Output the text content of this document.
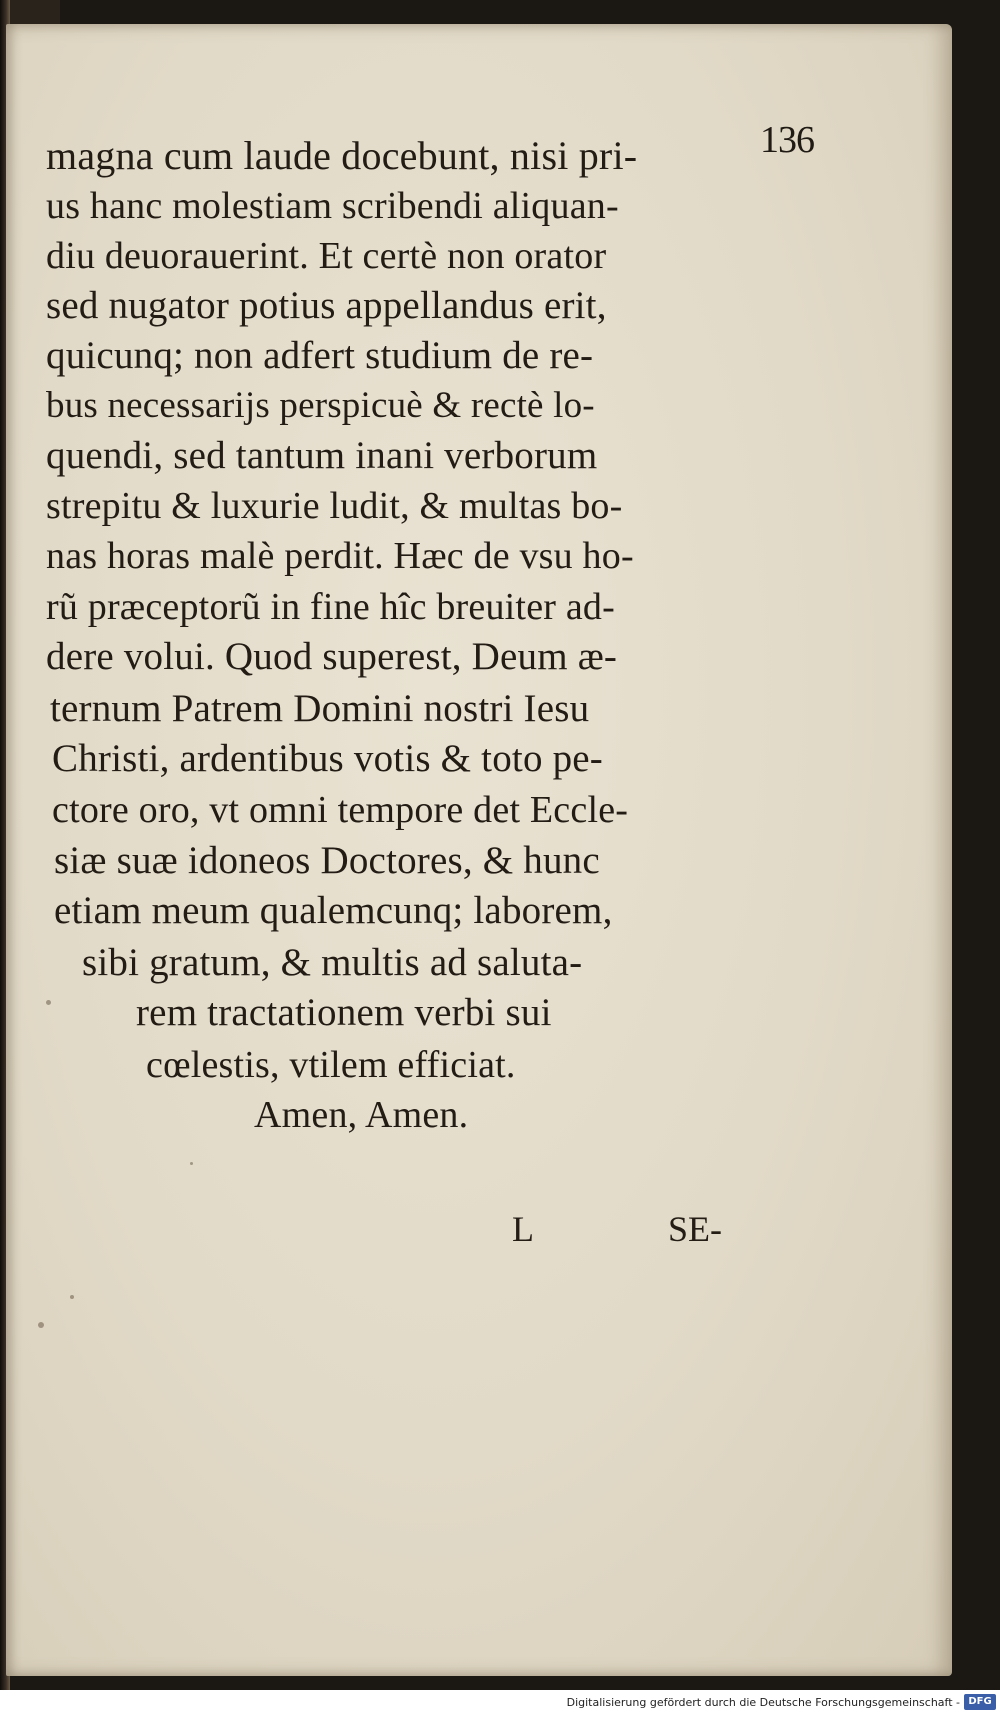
136
magna cum laude docebunt, nisi pri-
us hanc molestiam scribendi aliquan-
diu deuorauerint. Et certè non orator
sed nugator potius appellandus erit,
quicunq; non adfert studium de re-
bus necessarijs perspicuè & rectè lo-
quendi, sed tantum inani verborum
strepitu & luxurie ludit, & multas bo-
nas horas malè perdit. Hæc de vsu ho-
rũ præceptorũ in fine hîc breuiter ad-
dere volui. Quod superest, Deum æ-
ternum Patrem Domini nostri Iesu
Christi, ardentibus votis & toto pe-
ctore oro, vt omni tempore det Eccle-
siæ suæ idoneos Doctores, & hunc
etiam meum qualemcunq; laborem,
sibi gratum, & multis ad saluta-
rem tractationem verbi sui
cœlestis, vtilem efficiat.
Amen, Amen.
L	SE-
Digitalisierung gefördert durch die Deutsche Forschungsgemeinschaft - DFG
